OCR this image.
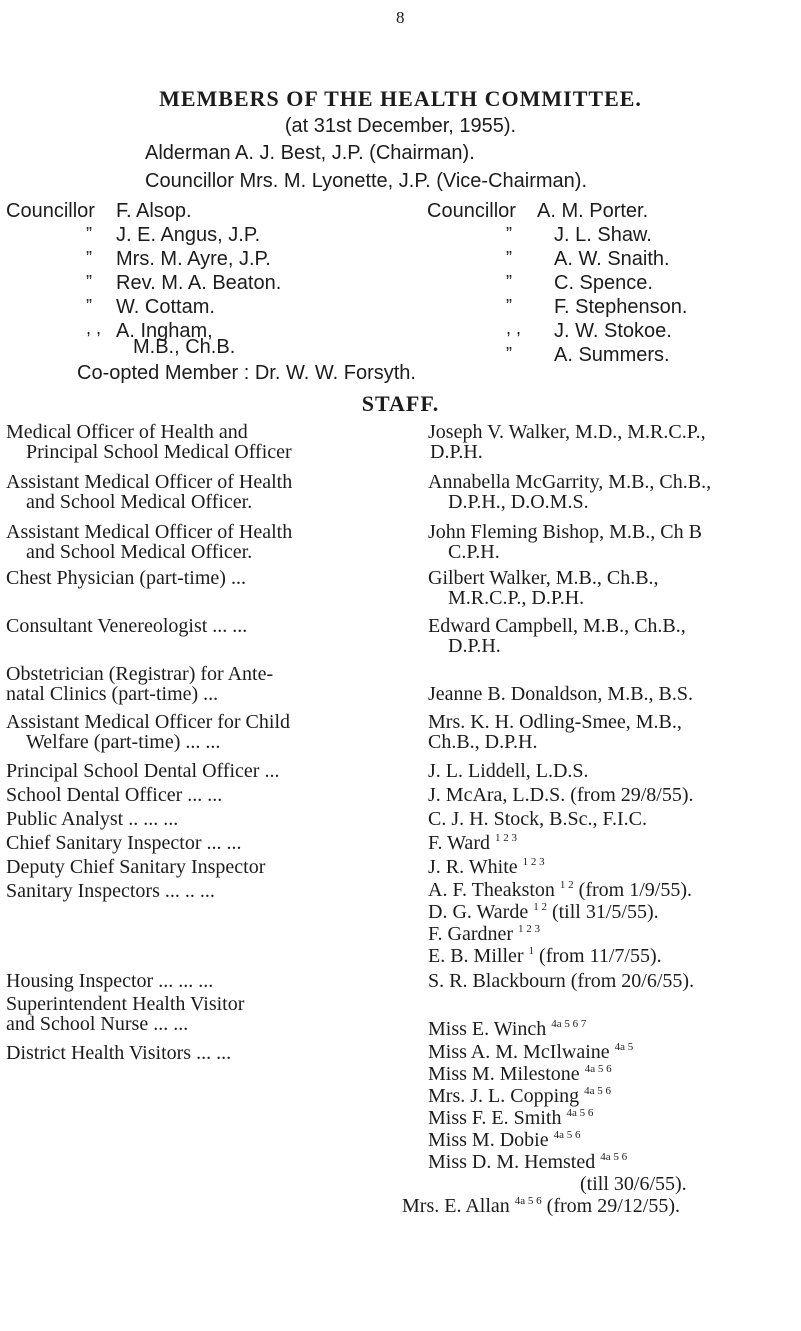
8
MEMBERS OF THE HEALTH COMMITTEE.
(at 31st December, 1955).
Alderman A. J. Best, J.P. (Chairman).
Councillor Mrs. M. Lyonette, J.P. (Vice-Chairman).
Councillor F. Alsop.
” J. E. Angus, J.P.
” Mrs. M. Ayre, J.P.
” Rev. M. A. Beaton.
” W. Cottam.
, , A. Ingham,
M.B., Ch.B.
Councillor A. M. Porter.
” J. L. Shaw.
” A. W. Snaith.
” C. Spence.
” F. Stephenson.
, , J. W. Stokoe.
” A. Summers.
Co-opted Member : Dr. W. W. Forsyth.
STAFF.
Medical Officer of Health and
Principal School Medical Officer
Joseph V. Walker, M.D., M.R.C.P.,
D.P.H.
Assistant Medical Officer of Health
and School Medical Officer.
Annabella McGarrity, M.B., Ch.B.,
D.P.H., D.O.M.S.
Assistant Medical Officer of Health
and School Medical Officer.
John Fleming Bishop, M.B., Ch B
C.P.H.
Chest Physician (part-time) ...	Gilbert Walker, M.B., Ch.B.,
M.R.C.P., D.P.H.
Consultant Venereologist ... ...	Edward Campbell, M.B., Ch.B.,
D.P.H.
Obstetrician (Registrar) for Ante-
natal Clinics (part-time) ...	Jeanne B. Donaldson, M.B., B.S.
Assistant Medical Officer for Child
Welfare (part-time) ... ...
Mrs. K. H. Odling-Smee, M.B.,
Ch.B., D.P.H.
Principal School Dental Officer ...	J. L. Liddell, L.D.S.
School Dental Officer ... ...	J. McAra, L.D.S. (from 29/8/55).
Public Analyst .. ... ...	C. J. H. Stock, B.Sc., F.I.C.
Chief Sanitary Inspector ... ...	F. Ward $^{1 2 3}$
Deputy Chief Sanitary Inspector	J. R. White $^{1 2 3}$
Sanitary Inspectors ... .. ...	A. F. Theakston $^{1 2}$ (from 1/9/55).
D. G. Warde $^{1 2}$ (till 31/5/55).
F. Gardner $^{1 2 3}$
E. B. Miller $^1$ (from 11/7/55).
Housing Inspector ... ... ...	S. R. Blackbourn (from 20/6/55).
Superintendent Health Visitor
and School Nurse ... ...	Miss E. Winch $^{4a 5 6 7}$
District Health Visitors ... ...	Miss A. M. McIlwaine $^{4a 5}$
Miss M. Milestone $^{4a 5 6}$
Mrs. J. L. Copping $^{4a 5 6}$
Miss F. E. Smith $^{4a 5 6}$
Miss M. Dobie $^{4a 5 6}$
Miss D. M. Hemsted $^{4a 5 6}$
(till 30/6/55).
Mrs. E. Allan $^{4a 5 6}$ (from 29/12/55).
